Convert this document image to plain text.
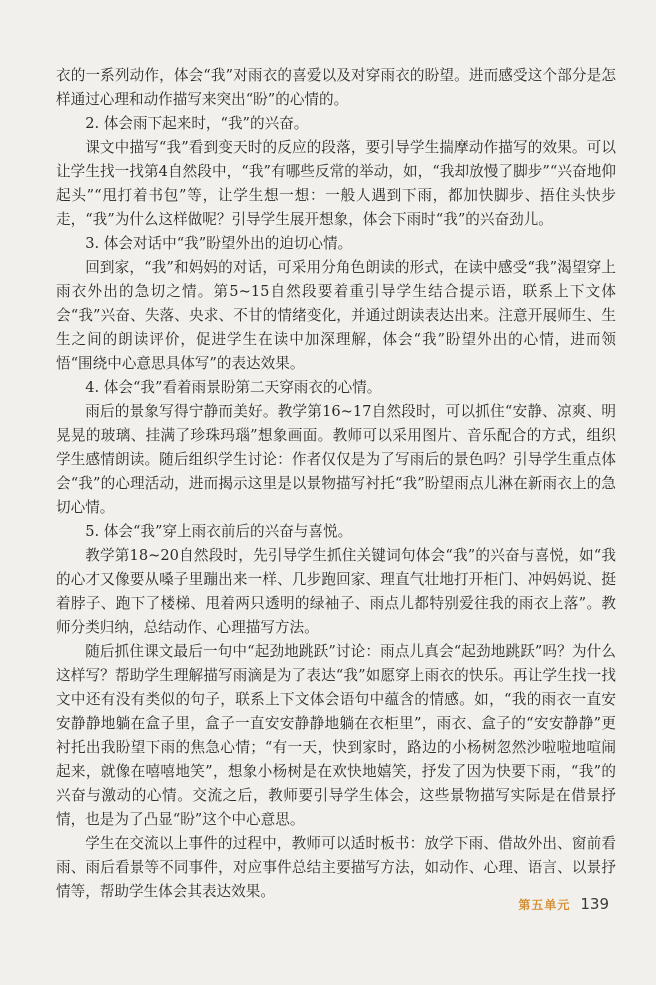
衣的一系列动作，体会“我”对雨衣的喜爱以及对穿雨衣的盼望。进而感受这个部分是怎样通过心理和动作描写来突出“盼”的心情的。

2. 体会雨下起来时，“我”的兴奋。

课文中描写“我”看到变天时的反应的段落，要引导学生揣摩动作描写的效果。可以让学生找一找第4自然段中，“我”有哪些反常的举动，如，“我却放慢了脚步”“兴奋地仰起头”“甩打着书包”等，让学生想一想：一般人遇到下雨，都加快脚步、捂住头快步走，“我”为什么这样做呢？引导学生展开想象，体会下雨时“我”的兴奋劲儿。

3. 体会对话中“我”盼望外出的迫切心情。

回到家，“我”和妈妈的对话，可采用分角色朗读的形式，在读中感受“我”渴望穿上雨衣外出的急切之情。第5~15自然段要着重引导学生结合提示语，联系上下文体会“我”兴奋、失落、央求、不甘的情绪变化，并通过朗读表达出来。注意开展师生、生生之间的朗读评价，促进学生在读中加深理解，体会“我”盼望外出的心情，进而领悟“围绕中心意思具体写”的表达效果。

4. 体会“我”看着雨景盼第二天穿雨衣的心情。

雨后的景象写得宁静而美好。教学第16~17自然段时，可以抓住“安静、凉爽、明晃晃的玻璃、挂满了珍珠玛瑙”想象画面。教师可以采用图片、音乐配合的方式，组织学生感情朗读。随后组织学生讨论：作者仅仅是为了写雨后的景色吗？引导学生重点体会“我”的心理活动，进而揭示这里是以景物描写衬托“我”盼望雨点儿淋在新雨衣上的急切心情。

5. 体会“我”穿上雨衣前后的兴奋与喜悦。

教学第18~20自然段时，先引导学生抓住关键词句体会“我”的兴奋与喜悦，如“我的心才又像要从嗓子里蹦出来一样、几步跑回家、理直气壮地打开柜门、冲妈妈说、挺着脖子、跑下了楼梯、甩着两只透明的绿袖子、雨点儿都特别爱往我的雨衣上落”。教师分类归纳，总结动作、心理描写方法。

随后抓住课文最后一句中“起劲地跳跃”讨论：雨点儿真会“起劲地跳跃”吗？为什么这样写？帮助学生理解描写雨滴是为了表达“我”如愿穿上雨衣的快乐。再让学生找一找文中还有没有类似的句子，联系上下文体会语句中蕴含的情感。如，“我的雨衣一直安安静静地躺在盒子里，盒子一直安安静静地躺在衣柜里”，雨衣、盒子的“安安静静”更衬托出我盼望下雨的焦急心情；“有一天，快到家时，路边的小杨树忽然沙啦啦地喧闹起来，就像在嘻嘻地笑”，想象小杨树是在欢快地嬉笑，抒发了因为快要下雨，“我”的兴奋与激动的心情。交流之后，教师要引导学生体会，这些景物描写实际是在借景抒情，也是为了凸显“盼”这个中心意思。

学生在交流以上事件的过程中，教师可以适时板书：放学下雨、借故外出、窗前看雨、雨后看景等不同事件，对应事件总结主要描写方法，如动作、心理、语言、以景抒情等，帮助学生体会其表达效果。

第五单元 139
